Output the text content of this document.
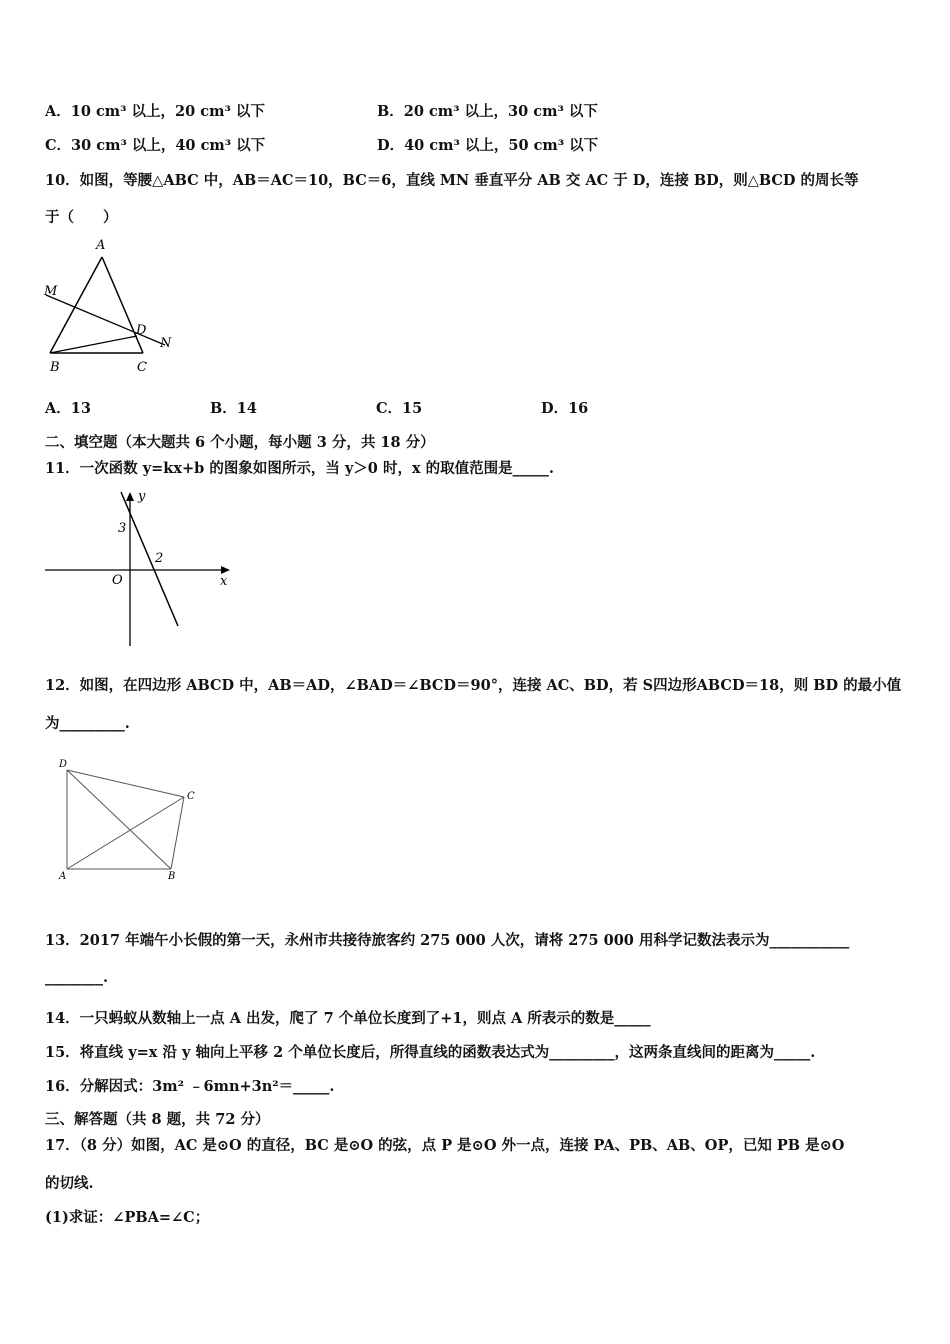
A．10 cm³ 以上，20 cm³ 以下	B．20 cm³ 以上，30 cm³ 以下
C．30 cm³ 以上，40 cm³ 以下	D．40 cm³ 以上，50 cm³ 以下
10．如图，等腰△ABC 中，AB＝AC＝10，BC＝6，直线 MN 垂直平分 AB 交 AC 于 D，连接 BD，则△BCD 的周长等
于（　　）
A
M
D
N
B	C
A．13	B．14	C．15	D．16
二、填空题（本大题共 6 个小题，每小题 3 分，共 18 分）
11．一次函数 y=kx+b 的图象如图所示，当 y＞0 时，x 的取值范围是_____.
y
x
O
3
2
12．如图，在四边形 ABCD 中，AB＝AD，∠BAD＝∠BCD＝90°，连接 AC、BD，若 S四边形ABCD＝18，则 BD 的最小值
为_________.
D
C
A	B
13．2017 年端午小长假的第一天，永州市共接待旅客约 275 000 人次，请将 275 000 用科学记数法表示为___________
________.
14．一只蚂蚁从数轴上一点 A 出发，爬了 7 个单位长度到了+1，则点 A 所表示的数是_____
15．将直线 y=x 沿 y 轴向上平移 2 个单位长度后，所得直线的函数表达式为_________，这两条直线间的距离为_____.
16．分解因式：3m² ﹣6mn+3n²＝_____.
三、解答题（共 8 题，共 72 分）
17．（8 分）如图，AC 是⊙O 的直径，BC 是⊙O 的弦，点 P 是⊙O 外一点，连接 PA、PB、AB、OP，已知 PB 是⊙O
的切线.
(1)求证：∠PBA=∠C；
